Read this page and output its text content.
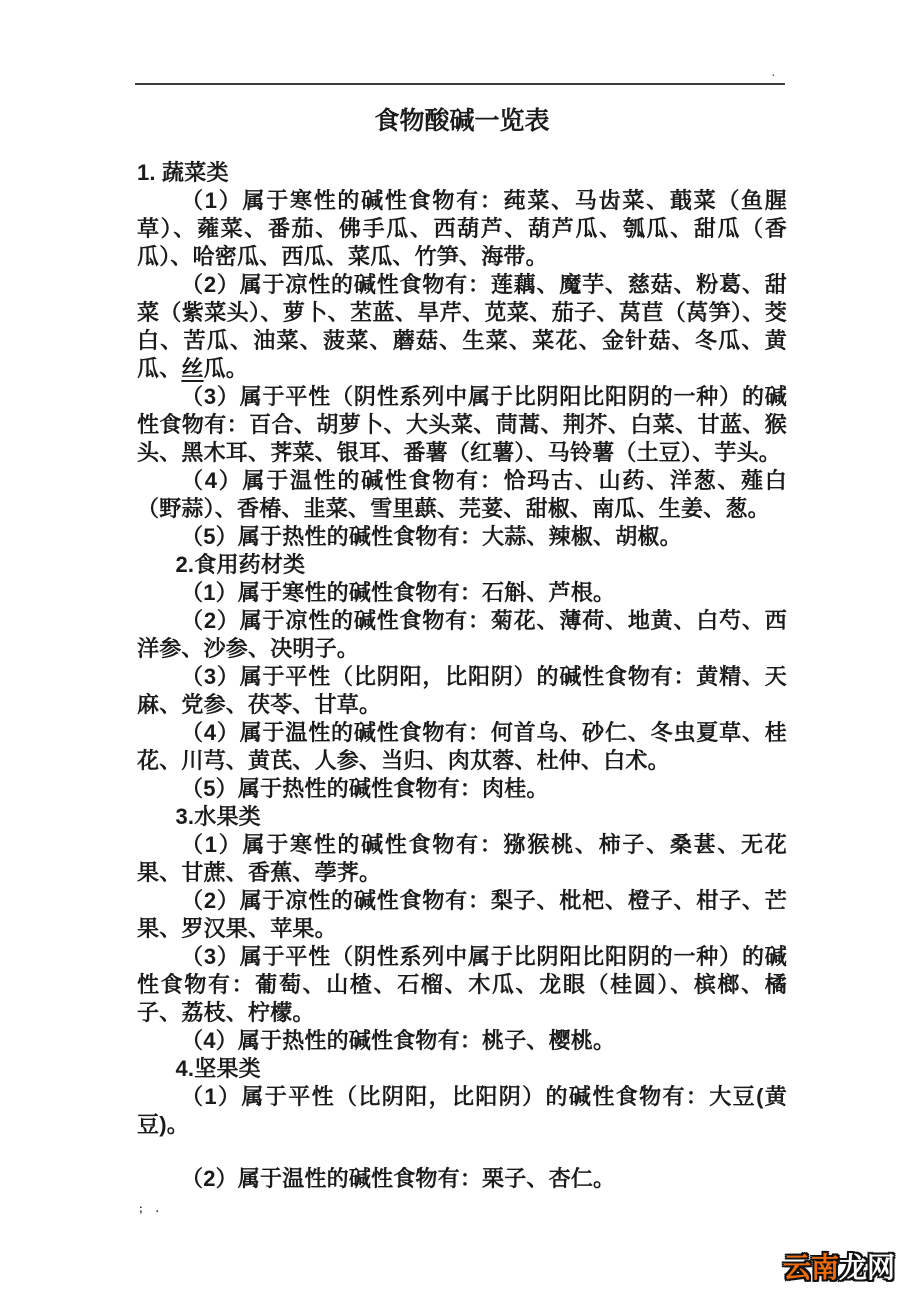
.
食物酸碱一览表

1. 蔬菜类

（1）属于寒性的碱性食物有：莼菜、马齿菜、蕺菜（鱼腥草）、蕹菜、番茄、佛手瓜、西葫芦、葫芦瓜、瓠瓜、甜瓜（香瓜）、哈密瓜、西瓜、菜瓜、竹笋、海带。

（2）属于凉性的碱性食物有：莲藕、魔芋、慈菇、粉葛、甜菜（紫菜头）、萝卜、苤蓝、旱芹、苋菜、茄子、莴苣（莴笋）、茭白、苦瓜、油菜、菠菜、蘑菇、生菜、菜花、金针菇、冬瓜、黄瓜、丝瓜。

（3）属于平性（阴性系列中属于比阴阳比阳阴的一种）的碱性食物有：百合、胡萝卜、大头菜、茼蒿、荆芥、白菜、甘蓝、猴头、黑木耳、荠菜、银耳、番薯（红薯）、马铃薯（土豆）、芋头。

（4）属于温性的碱性食物有：恰玛古、山药、洋葱、薤白（野蒜）、香椿、韭菜、雪里蕻、芫荽、甜椒、南瓜、生姜、葱。

（5）属于热性的碱性食物有：大蒜、辣椒、胡椒。

2.食用药材类

（1）属于寒性的碱性食物有：石斛、芦根。

（2）属于凉性的碱性食物有：菊花、薄荷、地黄、白芍、西洋参、沙参、决明子。

（3）属于平性（比阴阳，比阳阴）的碱性食物有：黄精、天麻、党参、茯苓、甘草。

（4）属于温性的碱性食物有：何首乌、砂仁、冬虫夏草、桂花、川芎、黄芪、人参、当归、肉苁蓉、杜仲、白术。

（5）属于热性的碱性食物有：肉桂。

3.水果类

（1）属于寒性的碱性食物有：猕猴桃、柿子、桑葚、无花果、甘蔗、香蕉、荸荠。

（2）属于凉性的碱性食物有：梨子、枇杷、橙子、柑子、芒果、罗汉果、苹果。

（3）属于平性（阴性系列中属于比阴阳比阳阴的一种）的碱性食物有：葡萄、山楂、石榴、木瓜、龙眼（桂圆）、槟榔、橘子、荔枝、柠檬。

（4）属于热性的碱性食物有：桃子、樱桃。

4.坚果类

（1）属于平性（比阴阳，比阳阴）的碱性食物有：大豆(黄豆)。

（2）属于温性的碱性食物有：栗子、杏仁。

; .

云南龙网
